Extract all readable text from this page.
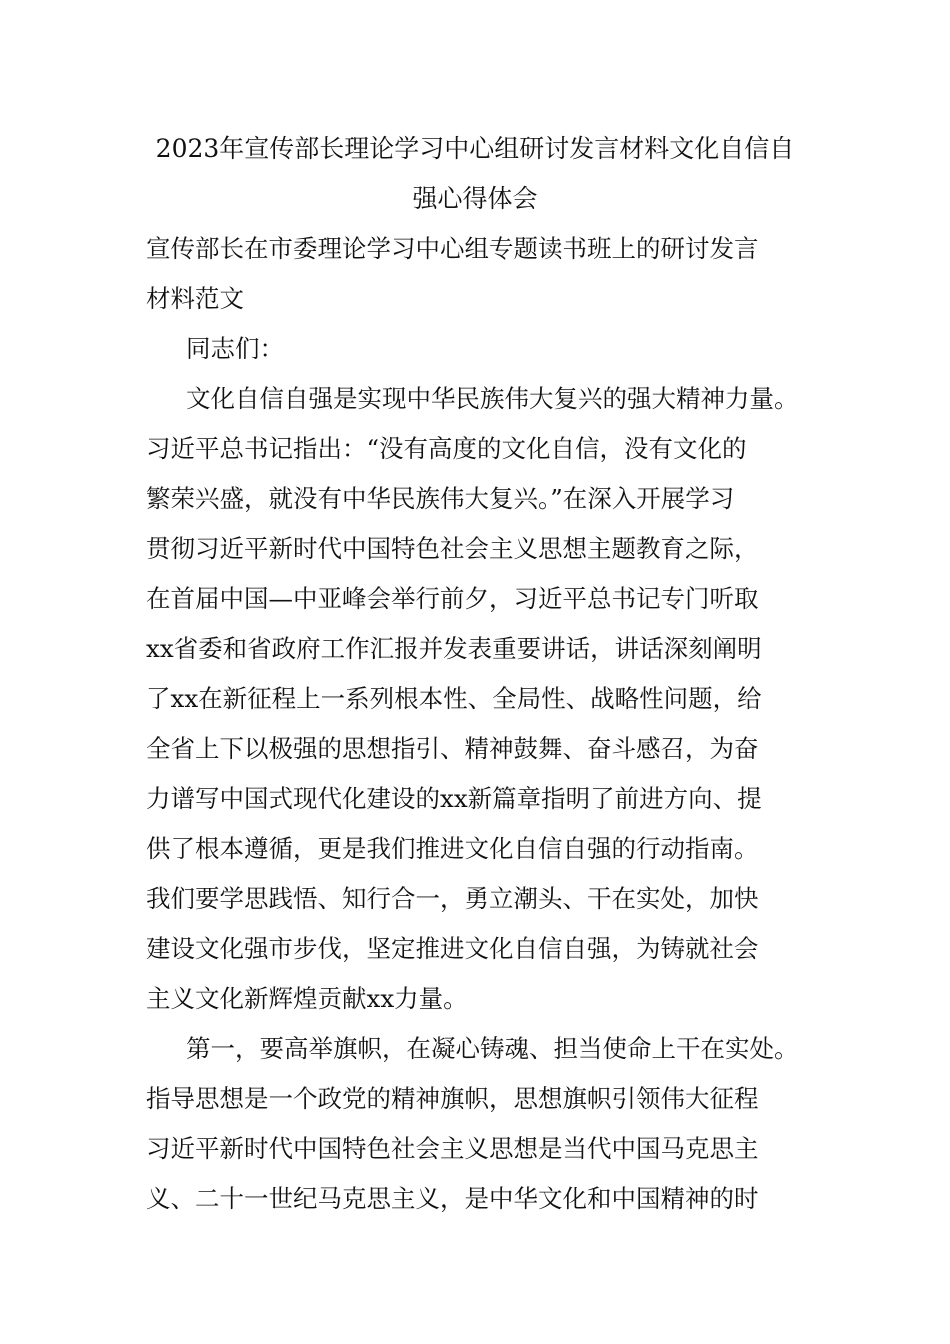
2023年宣传部长理论学习中心组研讨发言材料文化自信自
强心得体会
宣传部长在市委理论学习中心组专题读书班上的研讨发言
材料范文
同志们：
文化自信自强是实现中华民族伟大复兴的强大精神力量。
习近平总书记指出：“没有高度的文化自信，没有文化的
繁荣兴盛，就没有中华民族伟大复兴。”在深入开展学习
贯彻习近平新时代中国特色社会主义思想主题教育之际，
在首届中国—中亚峰会举行前夕，习近平总书记专门听取
xx省委和省政府工作汇报并发表重要讲话，讲话深刻阐明
了xx在新征程上一系列根本性、全局性、战略性问题，给
全省上下以极强的思想指引、精神鼓舞、奋斗感召，为奋
力谱写中国式现代化建设的xx新篇章指明了前进方向、提
供了根本遵循，更是我们推进文化自信自强的行动指南。
我们要学思践悟、知行合一，勇立潮头、干在实处，加快
建设文化强市步伐，坚定推进文化自信自强，为铸就社会
主义文化新辉煌贡献xx力量。
第一，要高举旗帜，在凝心铸魂、担当使命上干在实处。
指导思想是一个政党的精神旗帜，思想旗帜引领伟大征程
习近平新时代中国特色社会主义思想是当代中国马克思主
义、二十一世纪马克思主义，是中华文化和中国精神的时
